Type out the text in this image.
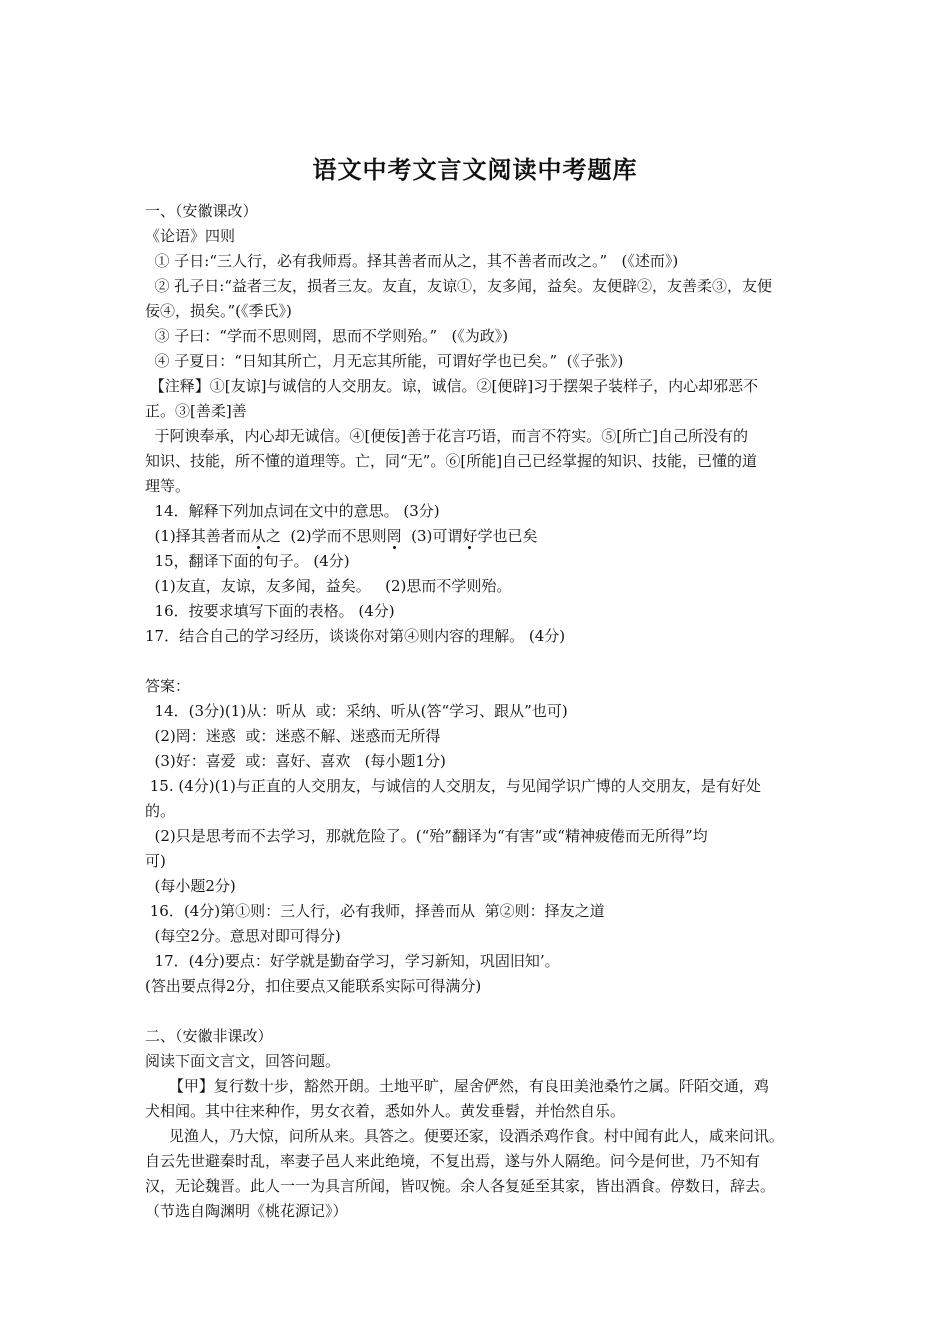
语文中考文言文阅读中考题库
一、（安徽课改）
《论语》四则
① 子日:“三人行，必有我师焉。择其善者而从之，其不善者而改之。”   (《述而》)
② 孔子日:“益者三友，损者三友。友直，友谅①，友多闻，益矣。友便辟②，友善柔③，友便
佞④，损矣。”(《季氏》)
③ 子曰：“学而不思则罔，思而不学则殆。”   (《为政》)
④ 子夏日：“日知其所亡，月无忘其所能，可谓好学也已矣。”  (《子张》)
【注释】①[友谅]与诚信的人交朋友。谅，诚信。②[便辟]习于摆架子装样子，内心却邪恶不
正。③[善柔]善
于阿谀奉承，内心却无诚信。④[便佞]善于花言巧语，而言不符实。⑤[所亡]自己所没有的
知识、技能，所不懂的道理等。亡，同“无”。⑥[所能]自己已经掌握的知识、技能，已懂的道
理等。
14．解释下列加点词在文中的意思。 (3分)
(1)择其善者而从之  (2)学而不思则罔  (3)可谓好学也已矣
15，翻译下面的句子。 (4分)
(1)友直，友谅，友多闻，益矣。   (2)思而不学则殆。
16．按要求填写下面的表格。 (4分)
17．结合自己的学习经历，谈谈你对第④则内容的理解。 (4分)
答案：
14．(3分)(1)从：听从  或：采纳、听从(答“学习、跟从”也可)
(2)罔：迷惑  或：迷惑不解、迷惑而无所得
(3)好：喜爱  或：喜好、喜欢   (每小题1分)
15. (4分)(1)与正直的人交朋友，与诚信的人交朋友，与见闻学识广博的人交朋友，是有好处
的。
(2)只是思考而不去学习，那就危险了。(“殆”翻译为“有害”或“精神疲倦而无所得”均
可)
(每小题2分)
16．(4分)第①则：三人行，必有我师，择善而从  第②则：择友之道
(每空2分。意思对即可得分)
17．(4分)要点：好学就是勤奋学习，学习新知，巩固旧知’。
(答出要点得2分，扣住要点又能联系实际可得满分)
二、（安徽非课改）
阅读下面文言文，回答问题。
【甲】复行数十步，豁然开朗。土地平旷，屋舍俨然，有良田美池桑竹之属。阡陌交通，鸡
犬相闻。其中往来种作，男女衣着，悉如外人。黄发垂髫，并怡然自乐。
见渔人，乃大惊，问所从来。具答之。便要还家，设酒杀鸡作食。村中闻有此人，咸来问讯。
自云先世避秦时乱，率妻子邑人来此绝境，不复出焉，遂与外人隔绝。问今是何世，乃不知有
汉，无论魏晋。此人一一为具言所闻，皆叹惋。余人各复延至其家，皆出酒食。停数日，辞去。
（节选自陶渊明《桃花源记》）
